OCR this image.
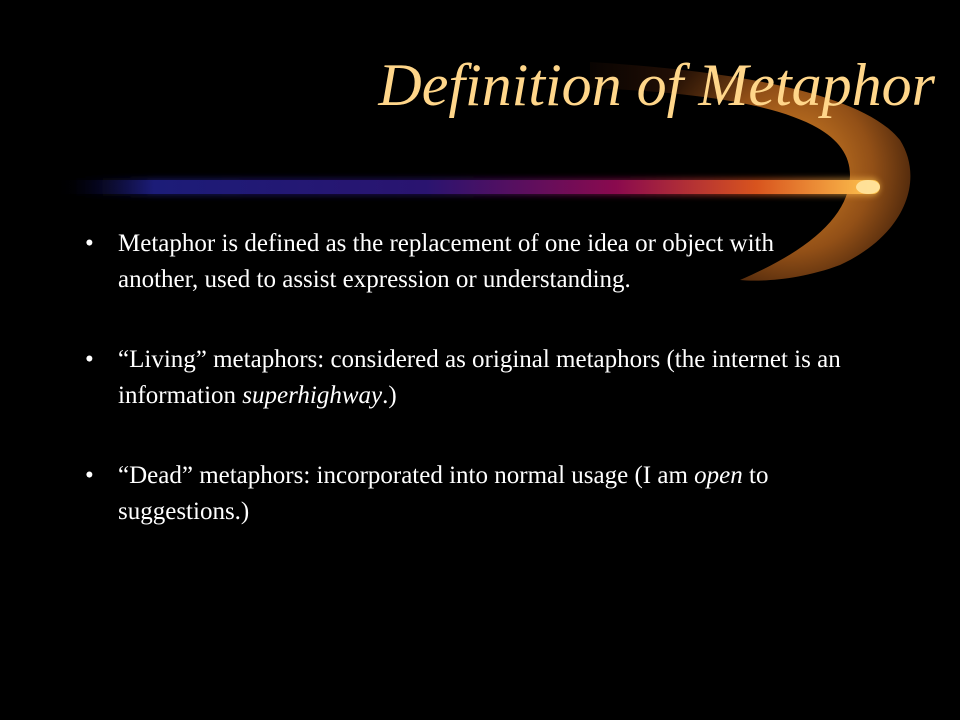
Definition of Metaphor
• Metaphor is defined as the replacement of one idea or object with another, used to assist expression or understanding.
• “Living” metaphors: considered as original metaphors (the internet is an information superhighway.)
• “Dead” metaphors: incorporated into normal usage (I am open to suggestions.)
